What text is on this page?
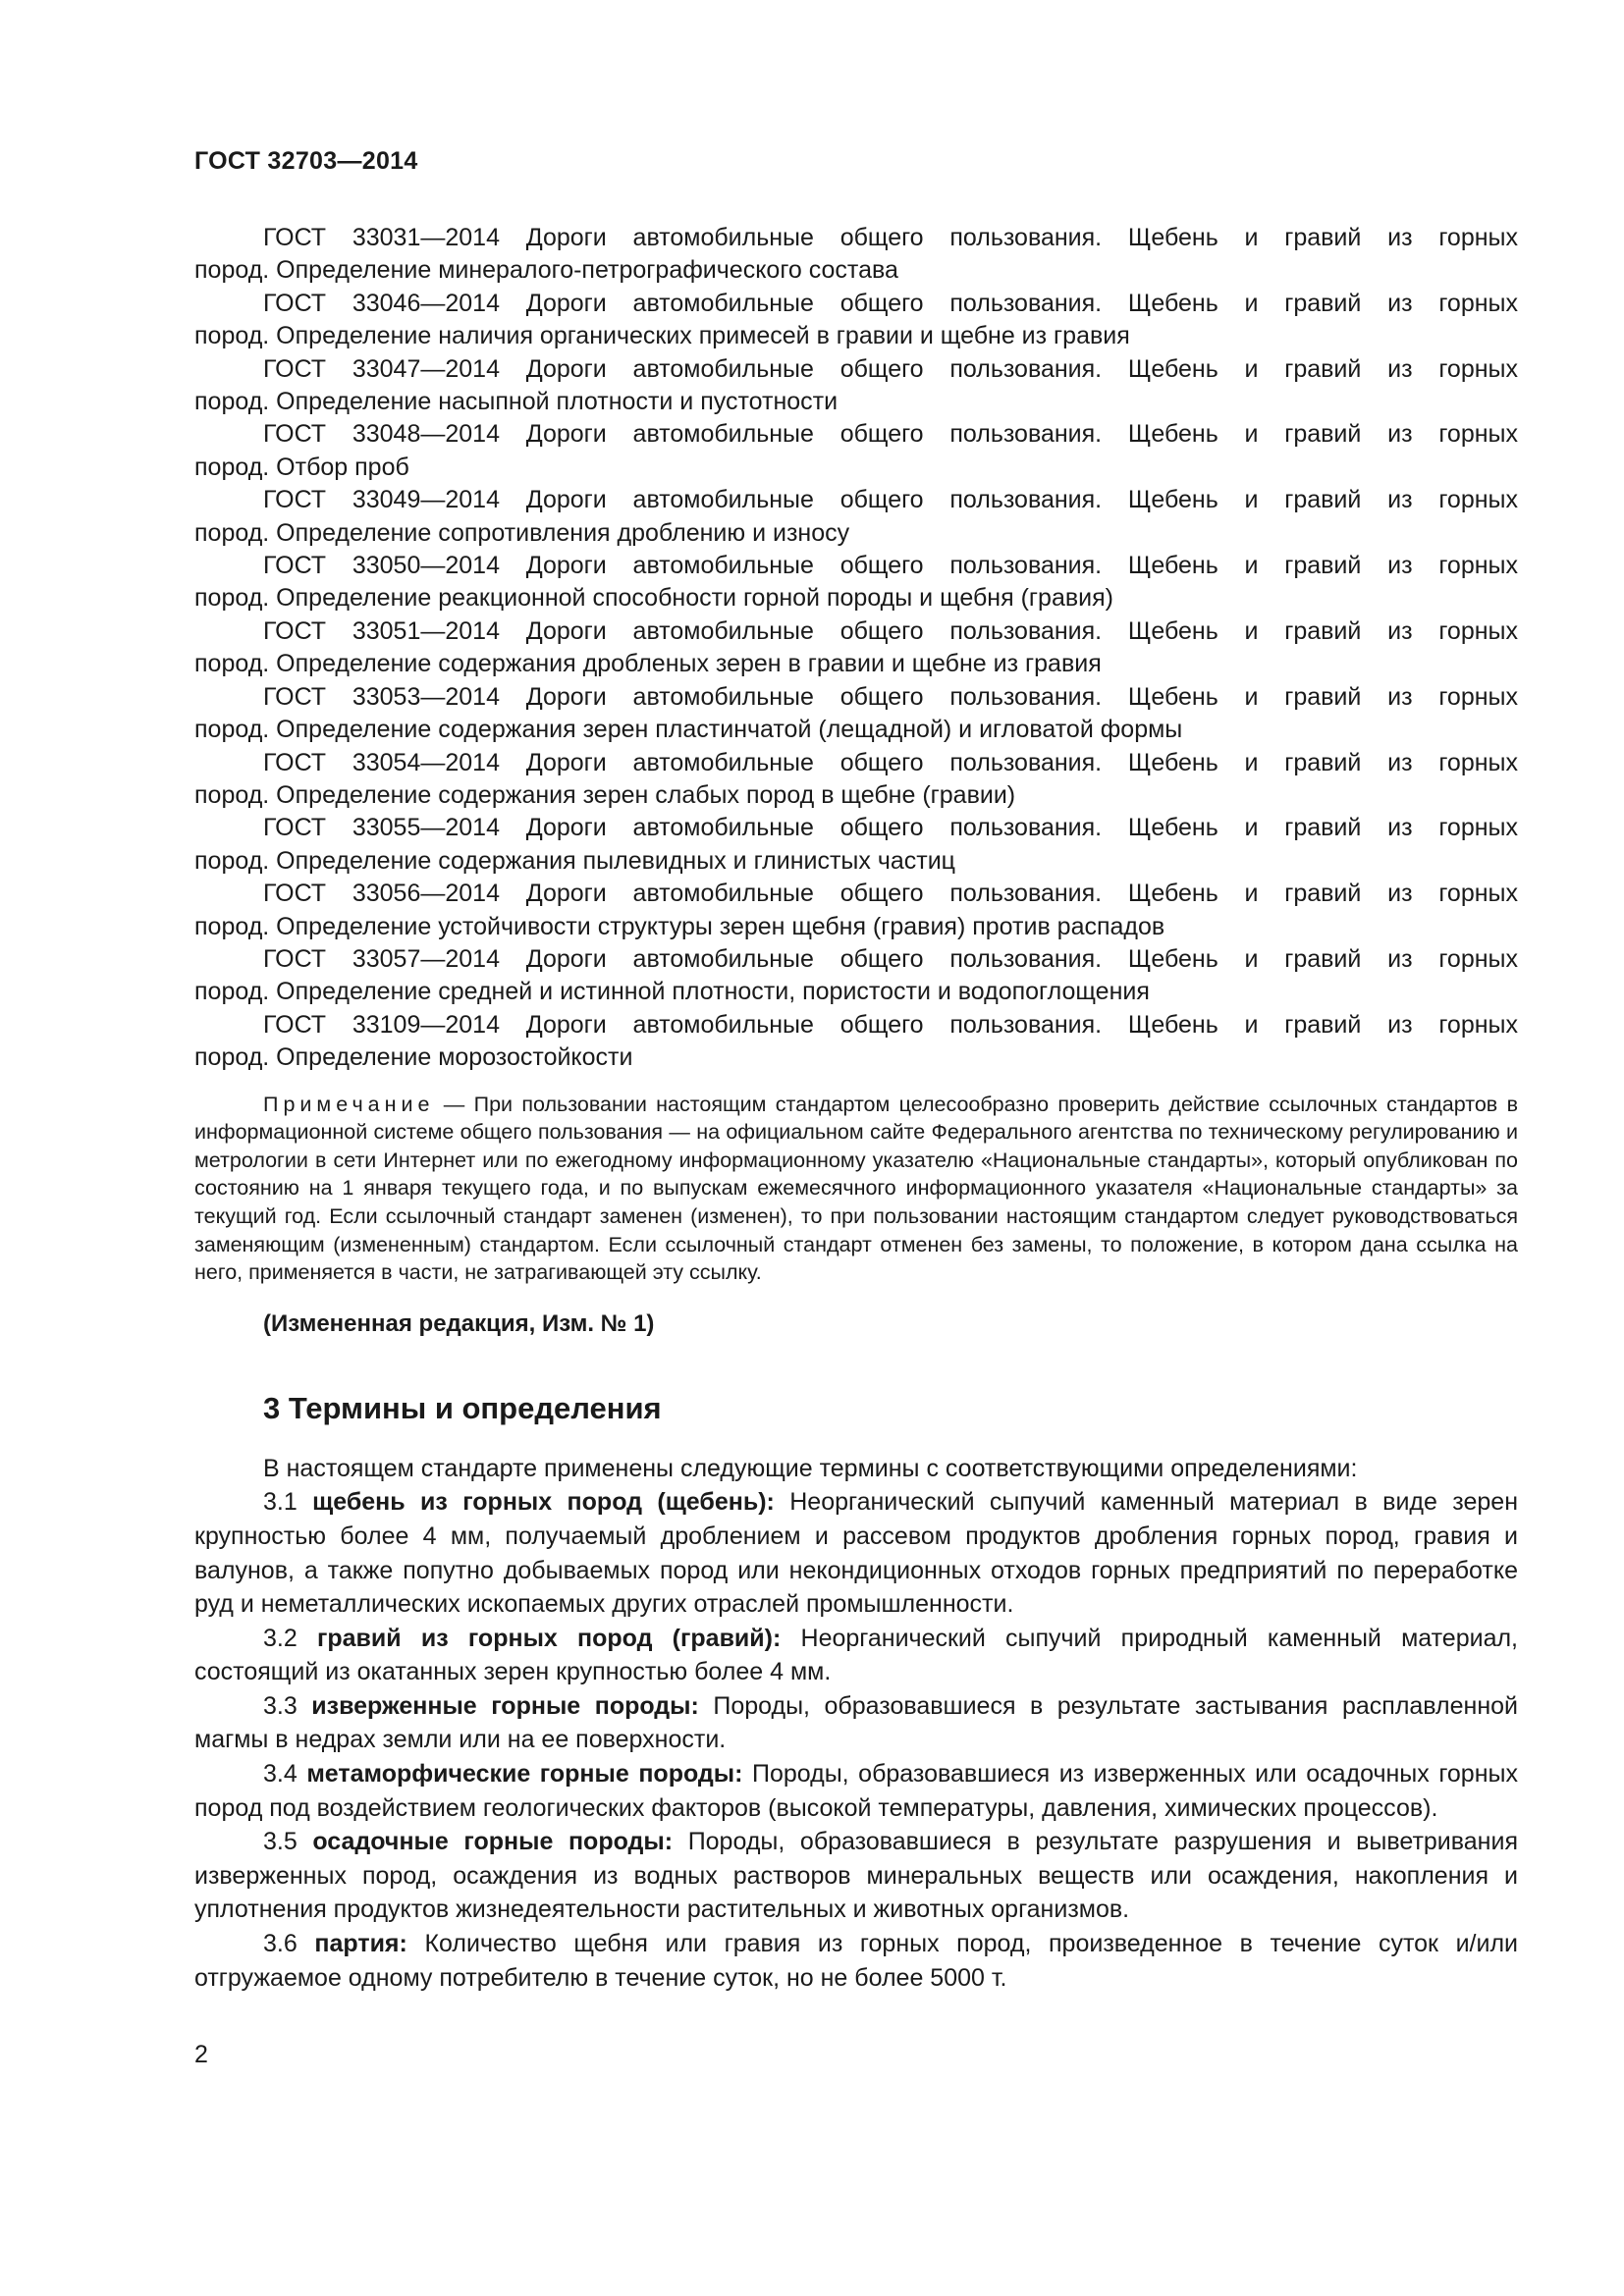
ГОСТ 32703—2014

ГОСТ 33031—2014 Дороги автомобильные общего пользования. Щебень и гравий из горных
пород. Определение минералого-петрографического состава

ГОСТ 33046—2014 Дороги автомобильные общего пользования. Щебень и гравий из горных
пород. Определение наличия органических примесей в гравии и щебне из гравия

ГОСТ 33047—2014 Дороги автомобильные общего пользования. Щебень и гравий из горных
пород. Определение насыпной плотности и пустотности

ГОСТ 33048—2014 Дороги автомобильные общего пользования. Щебень и гравий из горных
пород. Отбор проб

ГОСТ 33049—2014 Дороги автомобильные общего пользования. Щебень и гравий из горных
пород. Определение сопротивления дроблению и износу

ГОСТ 33050—2014 Дороги автомобильные общего пользования. Щебень и гравий из горных
пород. Определение реакционной способности горной породы и щебня (гравия)

ГОСТ 33051—2014 Дороги автомобильные общего пользования. Щебень и гравий из горных
пород. Определение содержания дробленых зерен в гравии и щебне из гравия

ГОСТ 33053—2014 Дороги автомобильные общего пользования. Щебень и гравий из горных
пород. Определение содержания зерен пластинчатой (лещадной) и игловатой формы

ГОСТ 33054—2014 Дороги автомобильные общего пользования. Щебень и гравий из горных
пород. Определение содержания зерен слабых пород в щебне (гравии)

ГОСТ 33055—2014 Дороги автомобильные общего пользования. Щебень и гравий из горных
пород. Определение содержания пылевидных и глинистых частиц

ГОСТ 33056—2014 Дороги автомобильные общего пользования. Щебень и гравий из горных
пород. Определение устойчивости структуры зерен щебня (гравия) против распадов

ГОСТ 33057—2014 Дороги автомобильные общего пользования. Щебень и гравий из горных
пород. Определение средней и истинной плотности, пористости и водопоглощения

ГОСТ 33109—2014 Дороги автомобильные общего пользования. Щебень и гравий из горных
пород. Определение морозостойкости

Примечание — При пользовании настоящим стандартом целесообразно проверить действие ссылочных стандартов в информационной системе общего пользования — на официальном сайте Федерального агентства по техническому регулированию и метрологии в сети Интернет или по ежегодному информационному указателю «Национальные стандарты», который опубликован по состоянию на 1 января текущего года, и по выпускам ежемесячного информационного указателя «Национальные стандарты» за текущий год. Если ссылочный стандарт заменен (изменен), то при пользовании настоящим стандартом следует руководствоваться заменяющим (измененным) стандартом. Если ссылочный стандарт отменен без замены, то положение, в котором дана ссылка на него, применяется в части, не затрагивающей эту ссылку.
(Измененная редакция, Изм. № 1)
3 Термины и определения

В настоящем стандарте применены следующие термины с соответствующими определениями:

3.1 щебень из горных пород (щебень): Неорганический сыпучий каменный материал в виде зерен крупностью более 4 мм, получаемый дроблением и рассевом продуктов дробления горных пород, гравия и валунов, а также попутно добываемых пород или некондиционных отходов горных предприятий по переработке руд и неметаллических ископаемых других отраслей промышленности.

3.2 гравий из горных пород (гравий): Неорганический сыпучий природный каменный материал, состоящий из окатанных зерен крупностью более 4 мм.

3.3 изверженные горные породы: Породы, образовавшиеся в результате застывания расплавленной магмы в недрах земли или на ее поверхности.

3.4 метаморфические горные породы: Породы, образовавшиеся из изверженных или осадочных горных пород под воздействием геологических факторов (высокой температуры, давления, химических процессов).

3.5 осадочные горные породы: Породы, образовавшиеся в результате разрушения и выветривания изверженных пород, осаждения из водных растворов минеральных веществ или осаждения, накопления и уплотнения продуктов жизнедеятельности растительных и животных организмов.

3.6 партия: Количество щебня или гравия из горных пород, произведенное в течение суток и/или отгружаемое одному потребителю в течение суток, но не более 5000 т.

2
